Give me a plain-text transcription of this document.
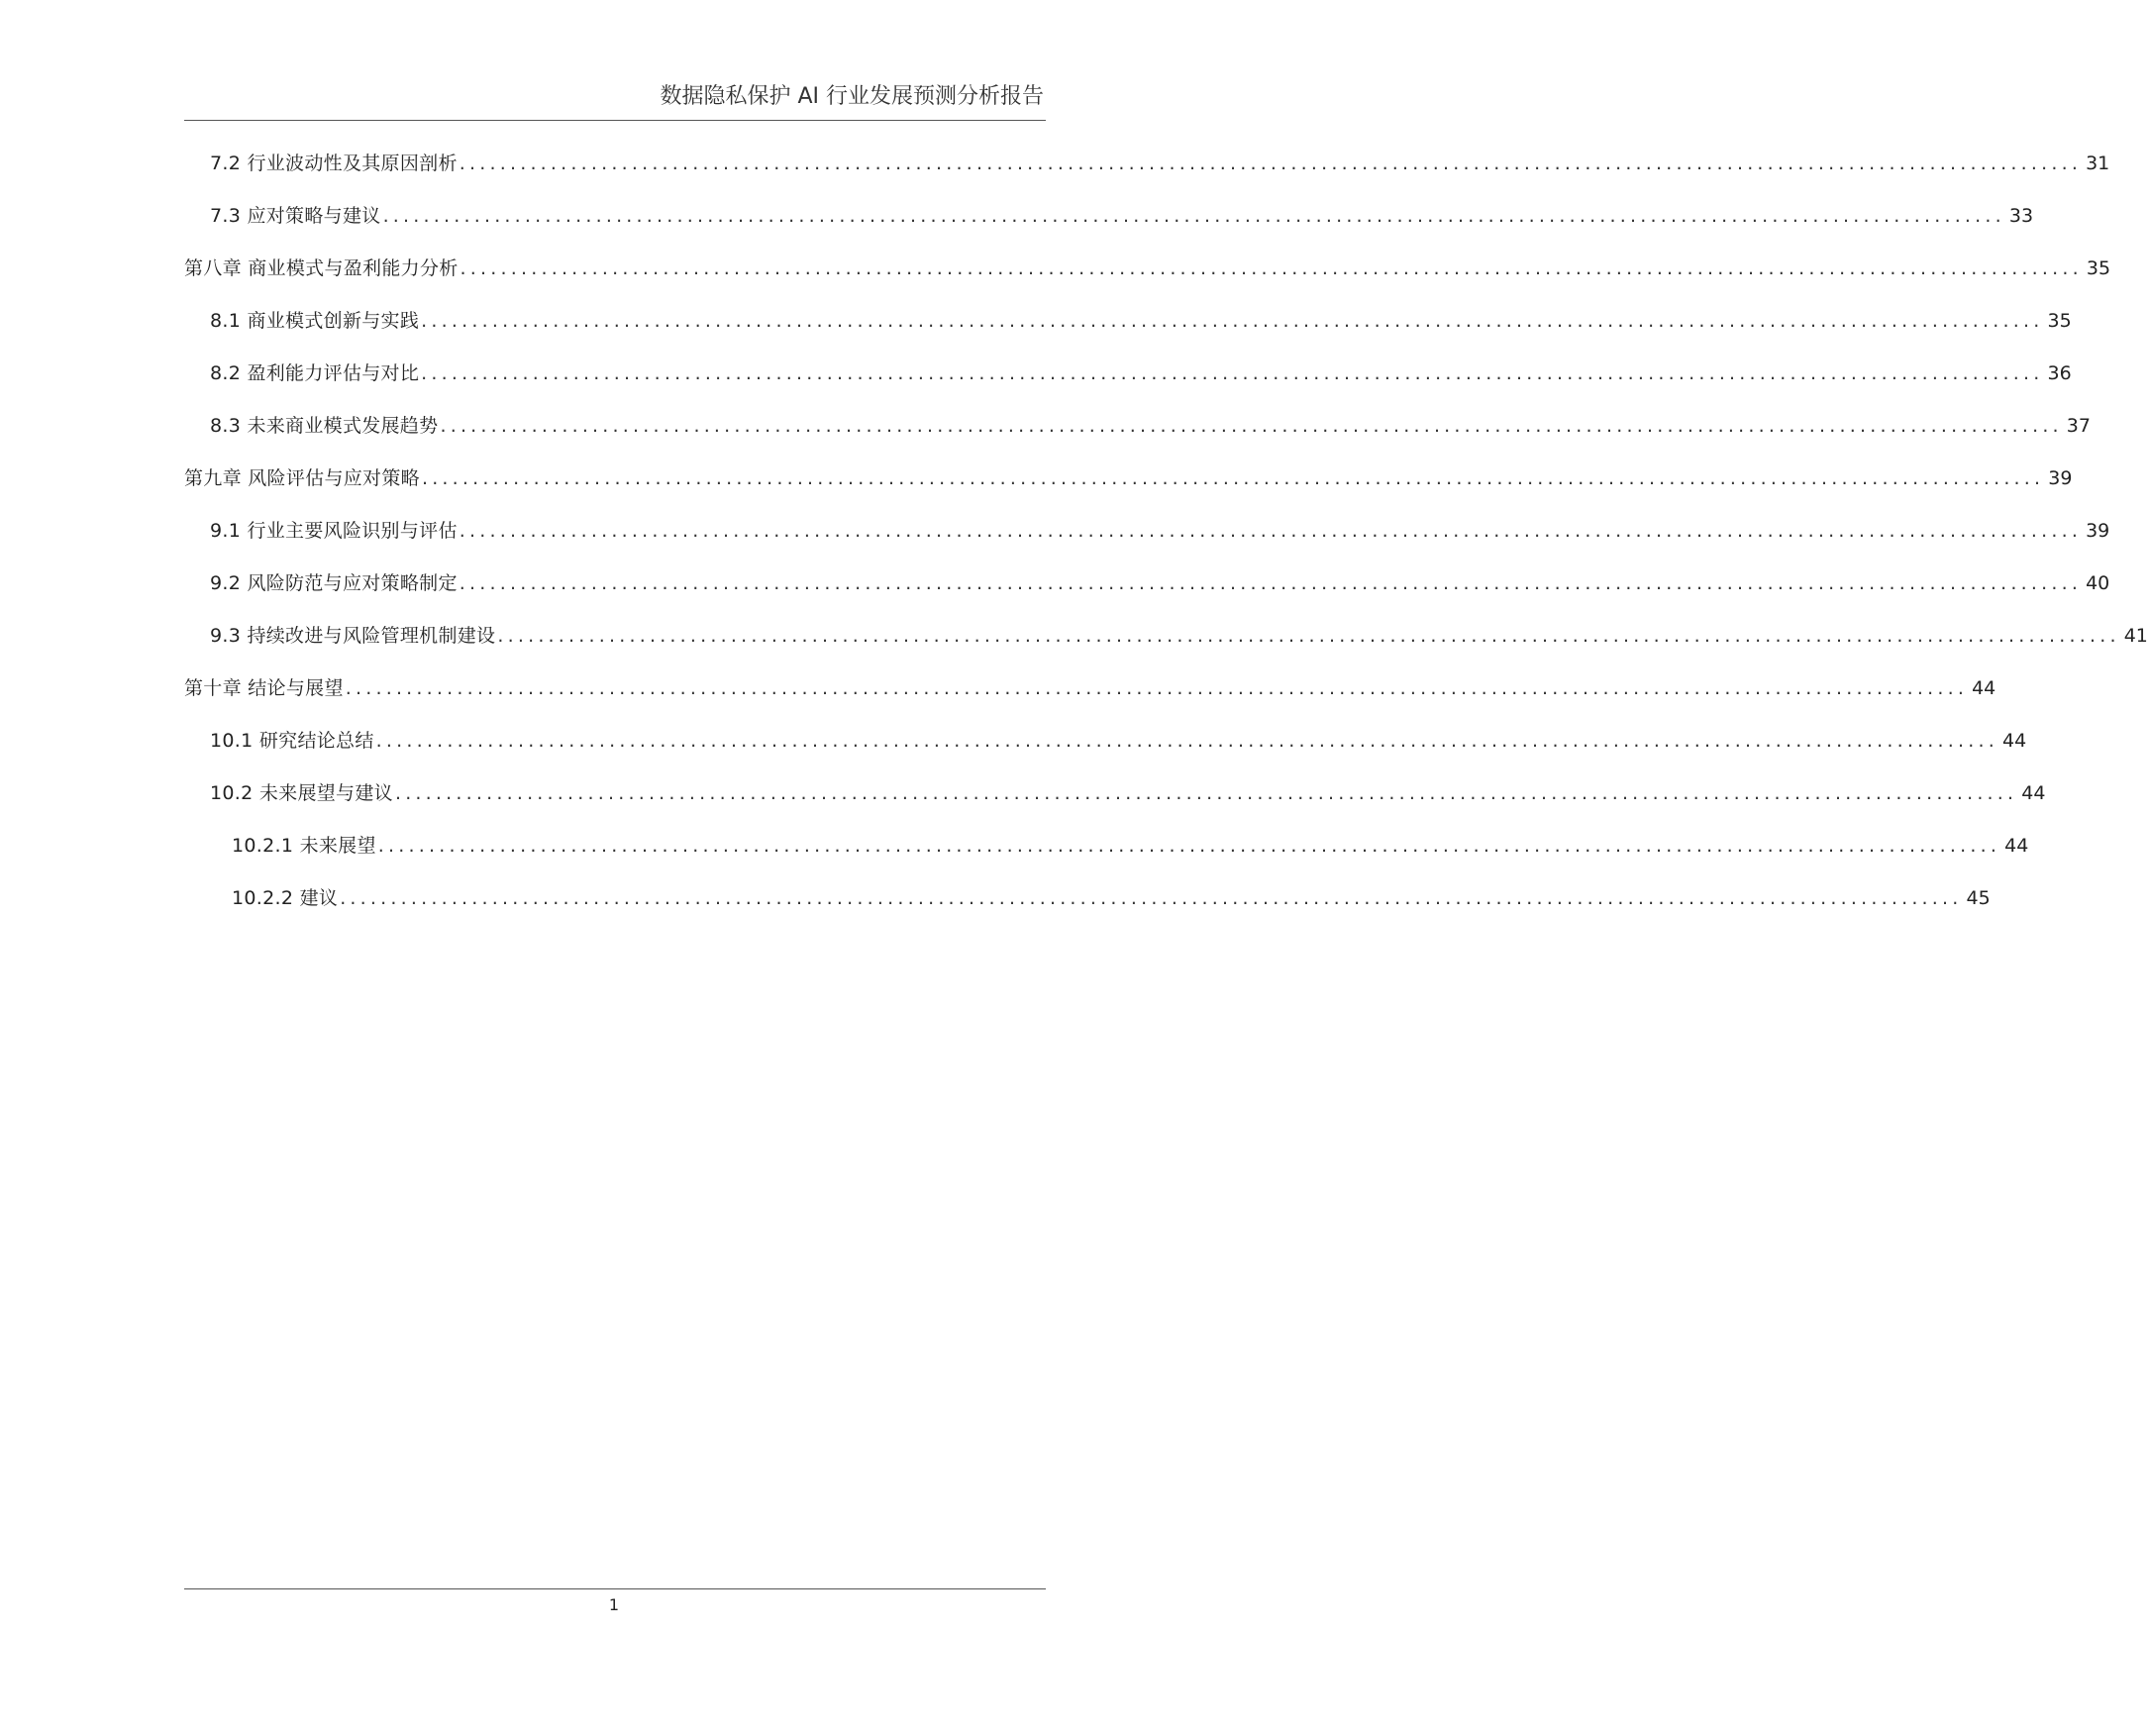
数据隐私保护 AI 行业发展预测分析报告
7.2 行业波动性及其原因剖析 ................................................................................................................................................................ 31
7.3 应对策略与建议 ................................................................................................................................................................ 33
第八章 商业模式与盈利能力分析 ................................................................................................................................................................ 35
8.1 商业模式创新与实践 ................................................................................................................................................................ 35
8.2 盈利能力评估与对比 ................................................................................................................................................................ 36
8.3 未来商业模式发展趋势 ................................................................................................................................................................ 37
第九章 风险评估与应对策略 ................................................................................................................................................................ 39
9.1 行业主要风险识别与评估 ................................................................................................................................................................ 39
9.2 风险防范与应对策略制定 ................................................................................................................................................................ 40
9.3 持续改进与风险管理机制建设 ................................................................................................................................................................ 41
第十章 结论与展望 ................................................................................................................................................................ 44
10.1 研究结论总结 ................................................................................................................................................................ 44
10.2 未来展望与建议 ................................................................................................................................................................ 44
10.2.1 未来展望 ................................................................................................................................................................ 44
10.2.2 建议 ................................................................................................................................................................ 45
1
